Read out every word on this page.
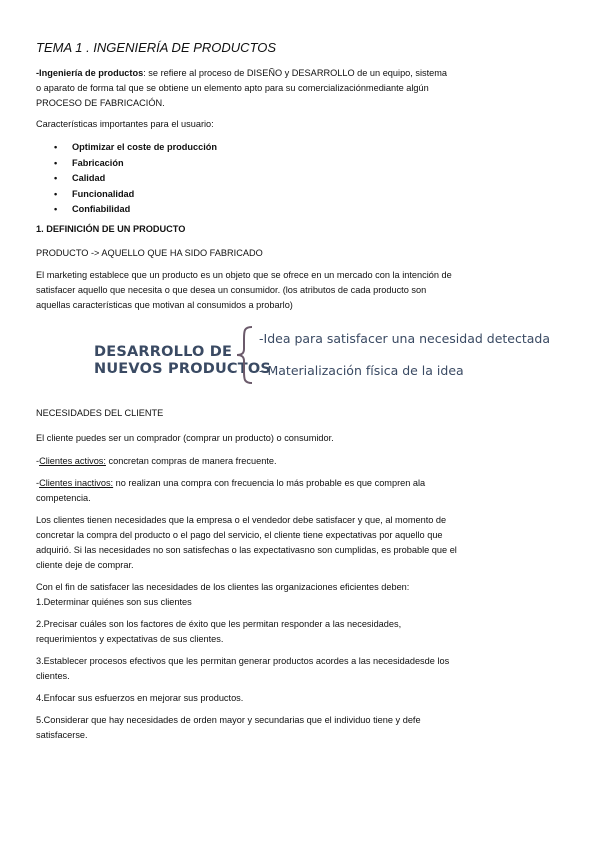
TEMA 1 . INGENIERÍA DE PRODUCTOS
-Ingeniería de productos: se refiere al proceso de DISEÑO y DESARROLLO de un equipo, sistema
o aparato de forma tal que se obtiene un elemento apto para su comercializaciónmediante algún
PROCESO DE FABRICACIÓN.
Características importantes para el usuario:
• Optimizar el coste de producción
• Fabricación
• Calidad
• Funcionalidad
• Confiabilidad
1. DEFINICIÓN DE UN PRODUCTO
PRODUCTO -> AQUELLO QUE HA SIDO FABRICADO
El marketing establece que un producto es un objeto que se ofrece en un mercado con la intención de
satisfacer aquello que necesita o que desea un consumidor. (los atributos de cada producto son
aquellas características que motivan al consumidos a probarlo)
DESARROLLO DE
NUEVOS PRODUCTOS
-Idea para satisfacer una necesidad detectada
- Materialización física de la idea
NECESIDADES DEL CLIENTE
El cliente puedes ser un comprador (comprar un producto) o consumidor.
-Clientes activos: concretan compras de manera frecuente.
-Clientes inactivos: no realizan una compra con frecuencia lo más probable es que compren ala
competencia.
Los clientes tienen necesidades que la empresa o el vendedor debe satisfacer y que, al momento de
concretar la compra del producto o el pago del servicio, el cliente tiene expectativas por aquello que
adquirió. Si las necesidades no son satisfechas o las expectativasno son cumplidas, es probable que el
cliente deje de comprar.
Con el fin de satisfacer las necesidades de los clientes las organizaciones eficientes deben:
1.Determinar quiénes son sus clientes
2.Precisar cuáles son los factores de éxito que les permitan responder a las necesidades,
requerimientos y expectativas de sus clientes.
3.Establecer procesos efectivos que les permitan generar productos acordes a las necesidadesde los
clientes.
4.Enfocar sus esfuerzos en mejorar sus productos.
5.Considerar que hay necesidades de orden mayor y secundarias que el individuo tiene y defe
satisfacerse.
